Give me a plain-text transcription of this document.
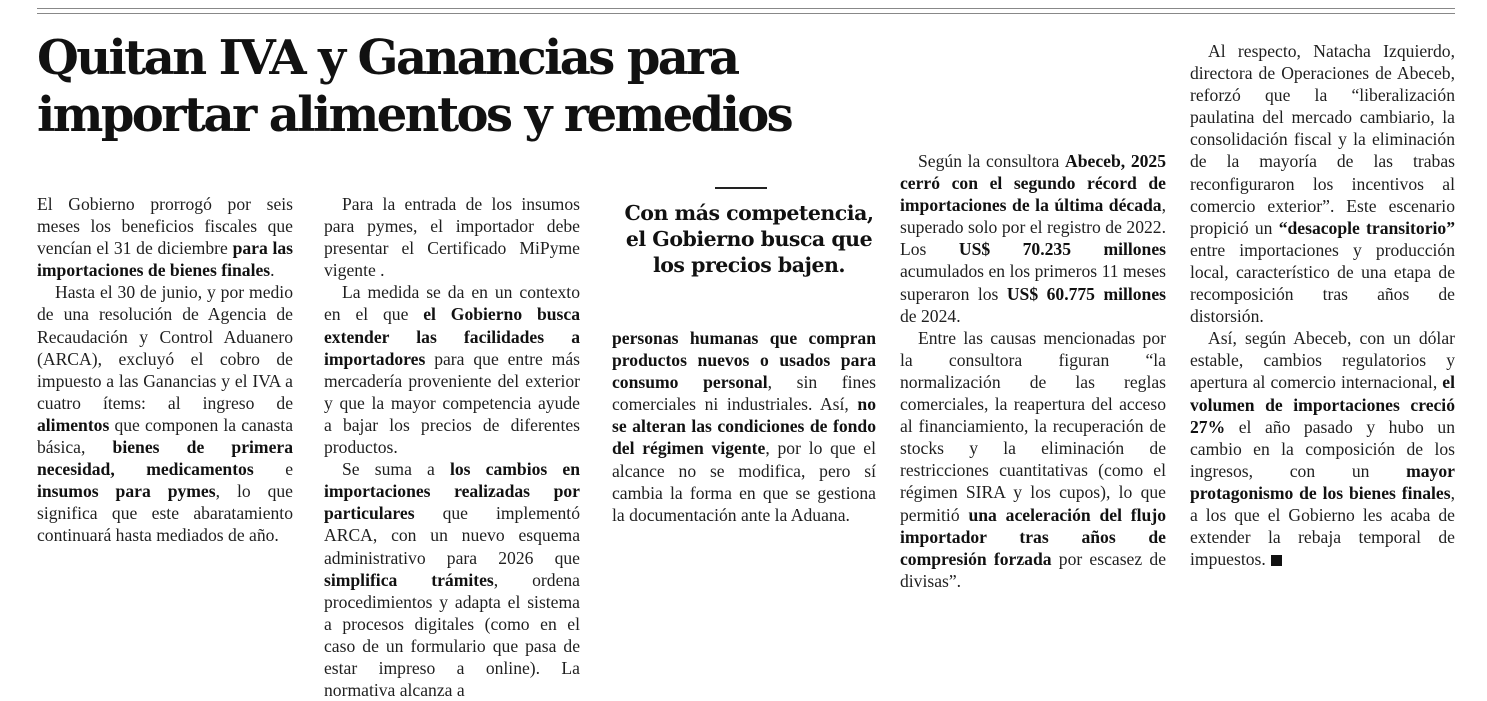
Quitan IVA y Ganancias para importar alimentos y remedios

El Gobierno prorrogó por seis meses los beneficios fiscales que vencían el 31 de diciembre para las importaciones de bienes finales.

Hasta el 30 de junio, y por medio de una resolución de Agencia de Recaudación y Control Aduanero (ARCA), excluyó el cobro de impuesto a las Ganancias y el IVA a cuatro ítems: al ingreso de alimentos que componen la canasta básica, bienes de primera necesidad, medicamentos e insumos para pymes, lo que significa que este abaratamiento continuará hasta mediados de año.

Para la entrada de los insumos para pymes, el importador debe presentar el Certificado MiPyme vigente .

La medida se da en un contexto en el que el Gobierno busca extender las facilidades a importadores para que entre más mercadería proveniente del exterior y que la mayor competencia ayude a bajar los precios de diferentes productos.

Se suma a los cambios en importaciones realizadas por particulares que implementó ARCA, con un nuevo esquema administrativo para 2026 que simplifica trámites, ordena procedimientos y adapta el sistema a procesos digitales (como en el caso de un formulario que pasa de estar impreso a online). La normativa alcanza a

Con más competencia, el Gobierno busca que los precios bajen.

personas humanas que compran productos nuevos o usados para consumo personal, sin fines comerciales ni industriales. Así, no se alteran las condiciones de fondo del régimen vigente, por lo que el alcance no se modifica, pero sí cambia la forma en que se gestiona la documentación ante la Aduana.

Según la consultora Abeceb, 2025 cerró con el segundo récord de importaciones de la última década, superado solo por el registro de 2022. Los US$ 70.235 millones acumulados en los primeros 11 meses superaron los US$ 60.775 millones de 2024.

Entre las causas mencionadas por la consultora figuran “la normalización de las reglas comerciales, la reapertura del acceso al financiamiento, la recuperación de stocks y la eliminación de restricciones cuantitativas (como el régimen SIRA y los cupos), lo que permitió una aceleración del flujo importador tras años de compresión forzada por escasez de divisas”.

Al respecto, Natacha Izquierdo, directora de Operaciones de Abeceb, reforzó que la “liberalización paulatina del mercado cambiario, la consolidación fiscal y la eliminación de la mayoría de las trabas reconfiguraron los incentivos al comercio exterior”. Este escenario propició un “desacople transitorio” entre importaciones y producción local, característico de una etapa de recomposición tras años de distorsión.

Así, según Abeceb, con un dólar estable, cambios regulatorios y apertura al comercio internacional, el volumen de importaciones creció 27% el año pasado y hubo un cambio en la composición de los ingresos, con un mayor protagonismo de los bienes finales, a los que el Gobierno les acaba de extender la rebaja temporal de impuestos.
